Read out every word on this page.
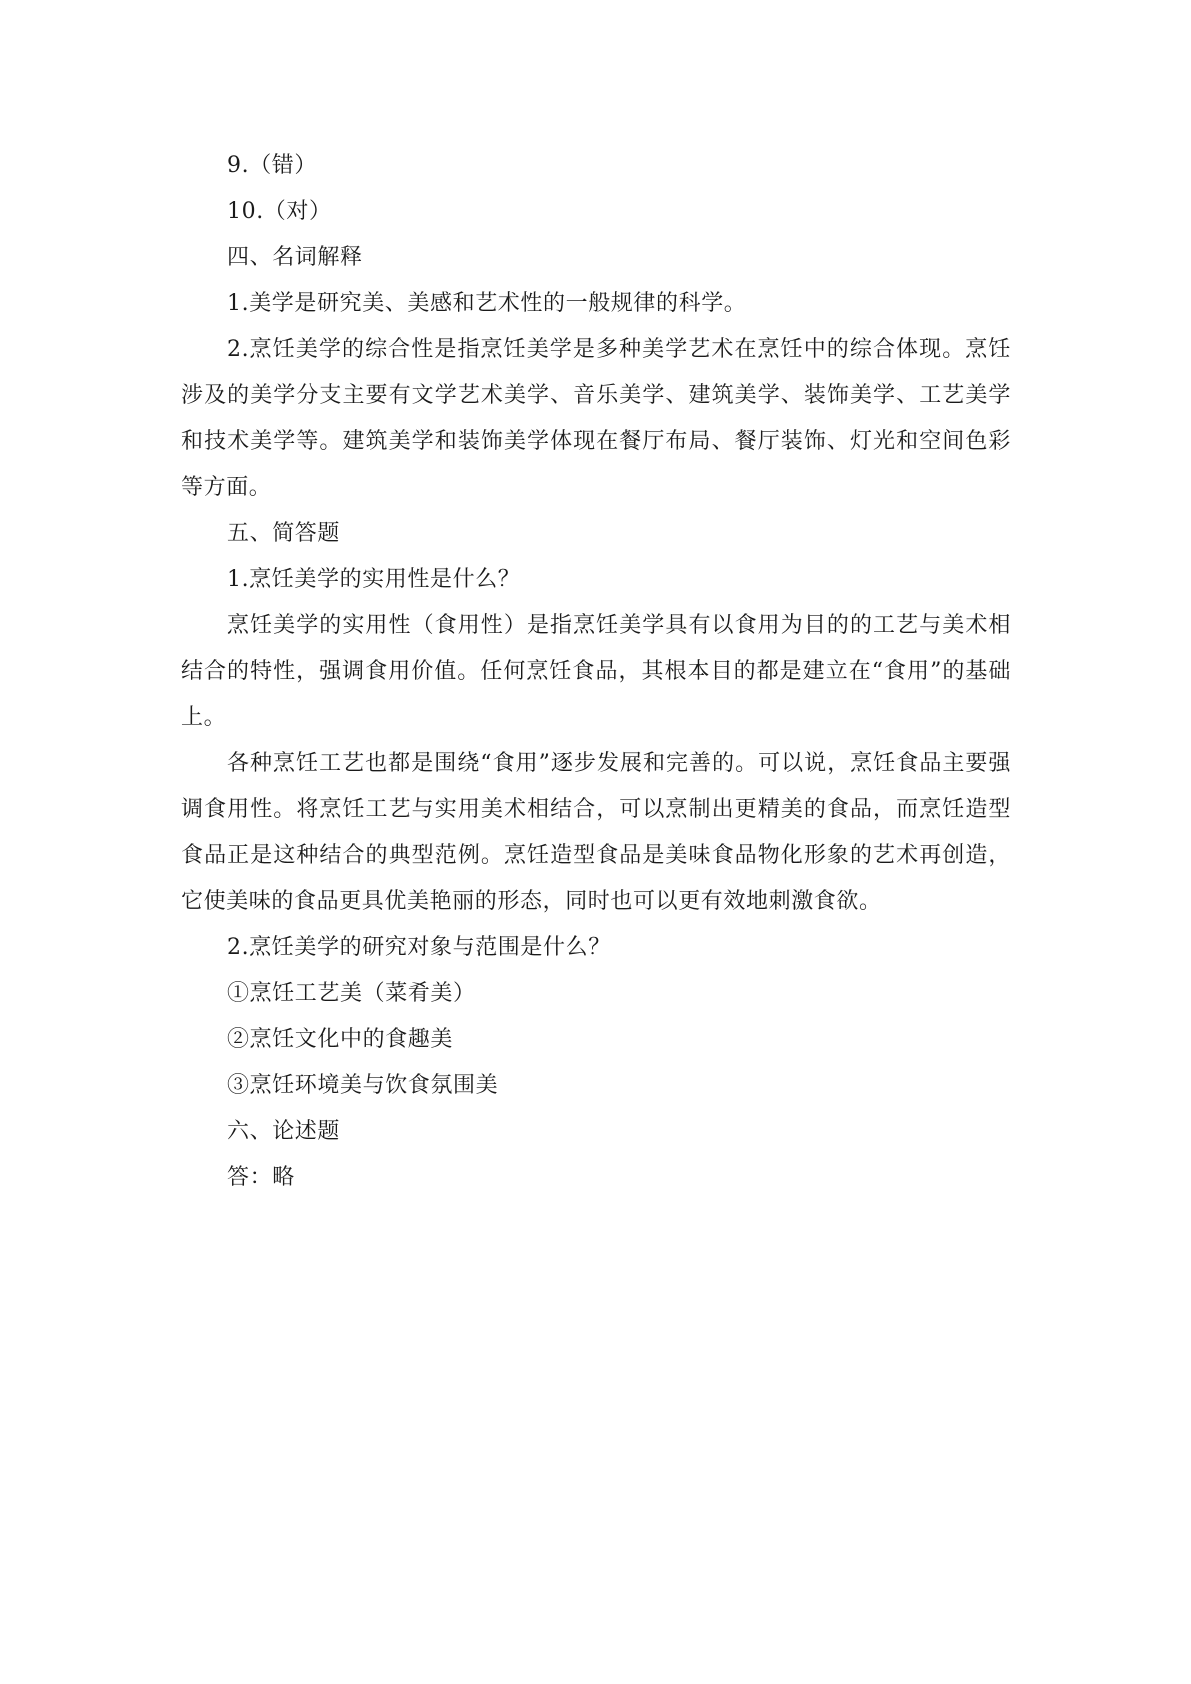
9.（错）

10.（对）

四、名词解释

1.美学是研究美、美感和艺术性的一般规律的科学。

2.烹饪美学的综合性是指烹饪美学是多种美学艺术在烹饪中的综合体现。烹饪涉及的美学分支主要有文学艺术美学、音乐美学、建筑美学、装饰美学、工艺美学和技术美学等。建筑美学和装饰美学体现在餐厅布局、餐厅装饰、灯光和空间色彩等方面。

五、简答题

1.烹饪美学的实用性是什么？

烹饪美学的实用性（食用性）是指烹饪美学具有以食用为目的的工艺与美术相结合的特性，强调食用价值。任何烹饪食品，其根本目的都是建立在“食用”的基础上。

各种烹饪工艺也都是围绕“食用”逐步发展和完善的。可以说，烹饪食品主要强调食用性。将烹饪工艺与实用美术相结合，可以烹制出更精美的食品，而烹饪造型食品正是这种结合的典型范例。烹饪造型食品是美味食品物化形象的艺术再创造，它使美味的食品更具优美艳丽的形态，同时也可以更有效地刺激食欲。

2.烹饪美学的研究对象与范围是什么？

①烹饪工艺美（菜肴美）

②烹饪文化中的食趣美

③烹饪环境美与饮食氛围美

六、论述题

答：略
